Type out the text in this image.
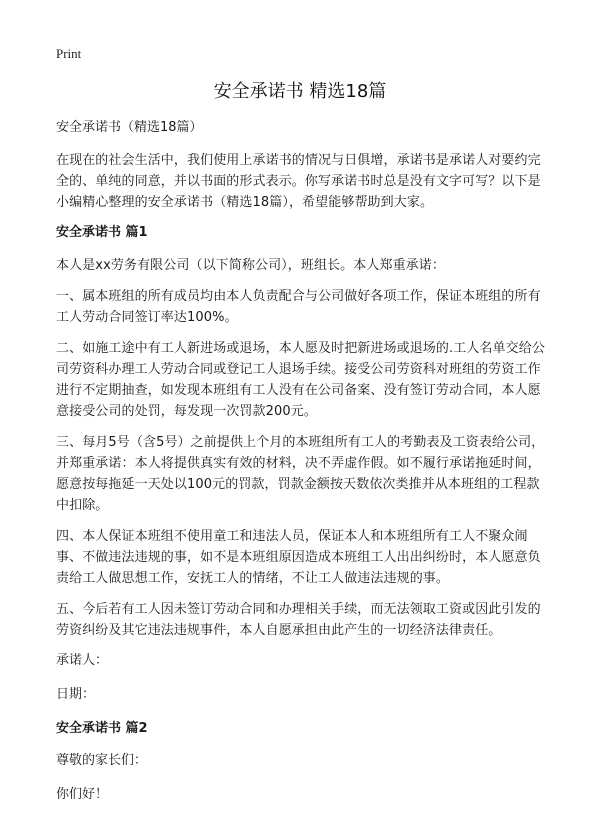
Print
安全承诺书 精选18篇

安全承诺书（精选18篇）

在现在的社会生活中，我们使用上承诺书的情况与日俱增，承诺书是承诺人对要约完全的、单纯的同意，并以书面的形式表示。你写承诺书时总是没有文字可写？以下是小编精心整理的安全承诺书（精选18篇），希望能够帮助到大家。

安全承诺书 篇1

本人是xx劳务有限公司（以下简称公司），班组长。本人郑重承诺：

一、属本班组的所有成员均由本人负责配合与公司做好各项工作，保证本班组的所有工人劳动合同签订率达100%。

二、如施工途中有工人新进场或退场，本人愿及时把新进场或退场的.工人名单交给公司劳资科办理工人劳动合同或登记工人退场手续。接受公司劳资科对班组的劳资工作进行不定期抽查，如发现本班组有工人没有在公司备案、没有签订劳动合同，本人愿意接受公司的处罚，每发现一次罚款200元。

三、每月5号（含5号）之前提供上个月的本班组所有工人的考勤表及工资表给公司，并郑重承诺：本人将提供真实有效的材料，决不弄虚作假。如不履行承诺拖延时间，愿意按每拖延一天处以100元的罚款，罚款金额按天数依次类推并从本班组的工程款中扣除。

四、本人保证本班组不使用童工和违法人员，保证本人和本班组所有工人不聚众闹事、不做违法违规的事，如不是本班组原因造成本班组工人出出纠纷时，本人愿意负责给工人做思想工作，安抚工人的情绪，不让工人做违法违规的事。

五、今后若有工人因未签订劳动合同和办理相关手续，而无法领取工资或因此引发的劳资纠纷及其它违法违规事件，本人自愿承担由此产生的一切经济法律责任。

承诺人：

日期：

安全承诺书 篇2

尊敬的家长们：

你们好！
